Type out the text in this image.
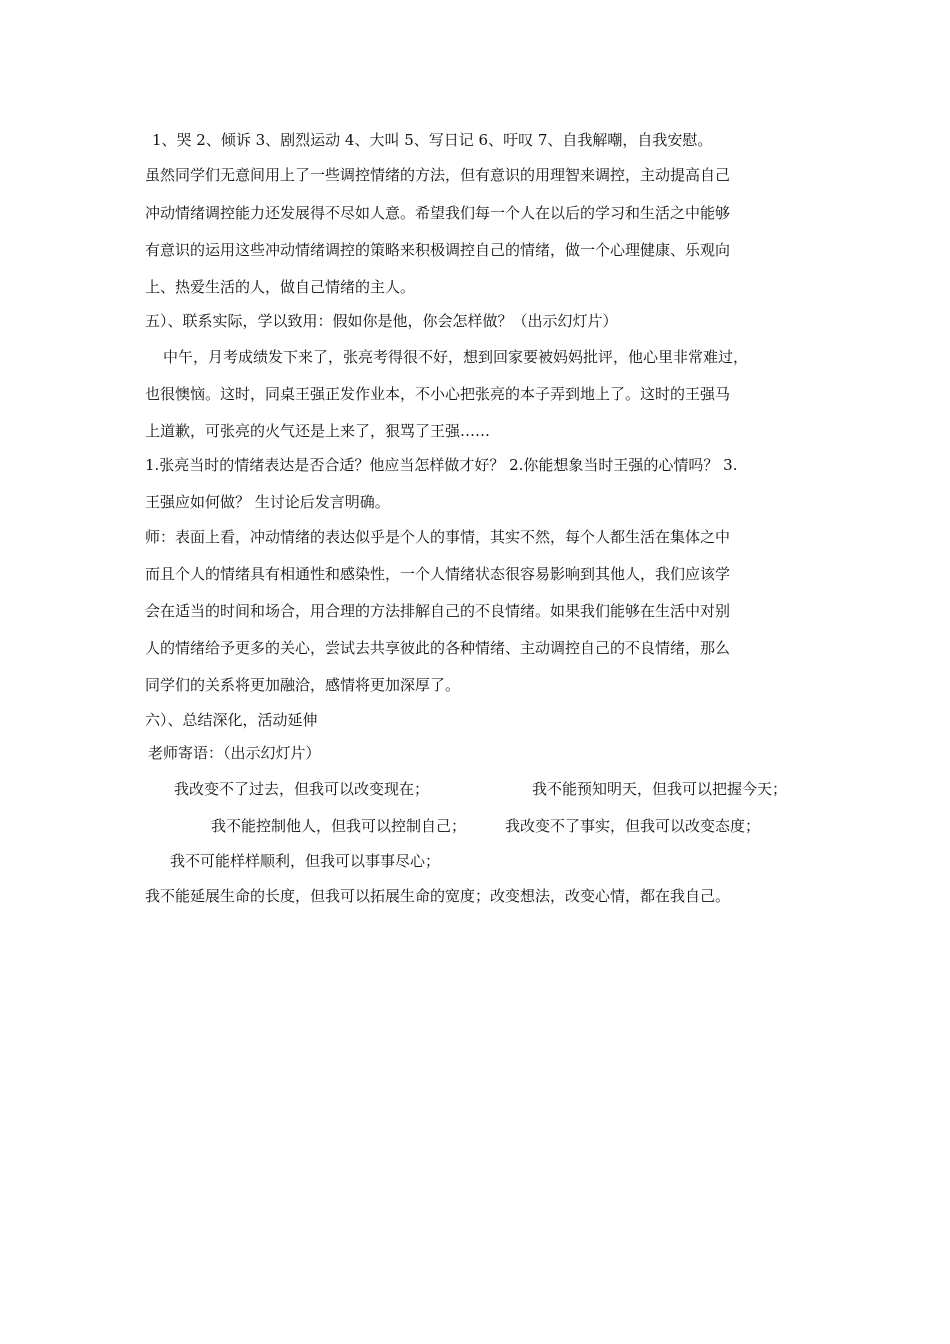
1、哭 2、倾诉 3、剧烈运动 4、大叫 5、写日记 6、吁叹 7、自我解嘲，自我安慰。
虽然同学们无意间用上了一些调控情绪的方法，但有意识的用理智来调控，主动提高自己
冲动情绪调控能力还发展得不尽如人意。希望我们每一个人在以后的学习和生活之中能够
有意识的运用这些冲动情绪调控的策略来积极调控自己的情绪，做一个心理健康、乐观向
上、热爱生活的人，做自己情绪的主人。
五）、联系实际，学以致用：假如你是他，你会怎样做？（出示幻灯片）
中午，月考成绩发下来了，张亮考得很不好，想到回家要被妈妈批评，他心里非常难过，
也很懊恼。这时，同桌王强正发作业本，不小心把张亮的本子弄到地上了。这时的王强马
上道歉，可张亮的火气还是上来了，狠骂了王强……
1.张亮当时的情绪表达是否合适？他应当怎样做才好？ 2.你能想象当时王强的心情吗？ 3.
王强应如何做？ 生讨论后发言明确。
师：表面上看，冲动情绪的表达似乎是个人的事情，其实不然，每个人都生活在集体之中
而且个人的情绪具有相通性和感染性，一个人情绪状态很容易影响到其他人，我们应该学
会在适当的时间和场合，用合理的方法排解自己的不良情绪。如果我们能够在生活中对别
人的情绪给予更多的关心，尝试去共享彼此的各种情绪、主动调控自己的不良情绪，那么
同学们的关系将更加融洽，感情将更加深厚了。
六）、总结深化，活动延伸
老师寄语：（出示幻灯片）
我改变不了过去，但我可以改变现在；	我不能预知明天，但我可以把握今天；
我不能控制他人，但我可以控制自己；	我改变不了事实，但我可以改变态度；
我不可能样样顺利，但我可以事事尽心；
我不能延展生命的长度，但我可以拓展生命的宽度；改变想法，改变心情，都在我自己。
